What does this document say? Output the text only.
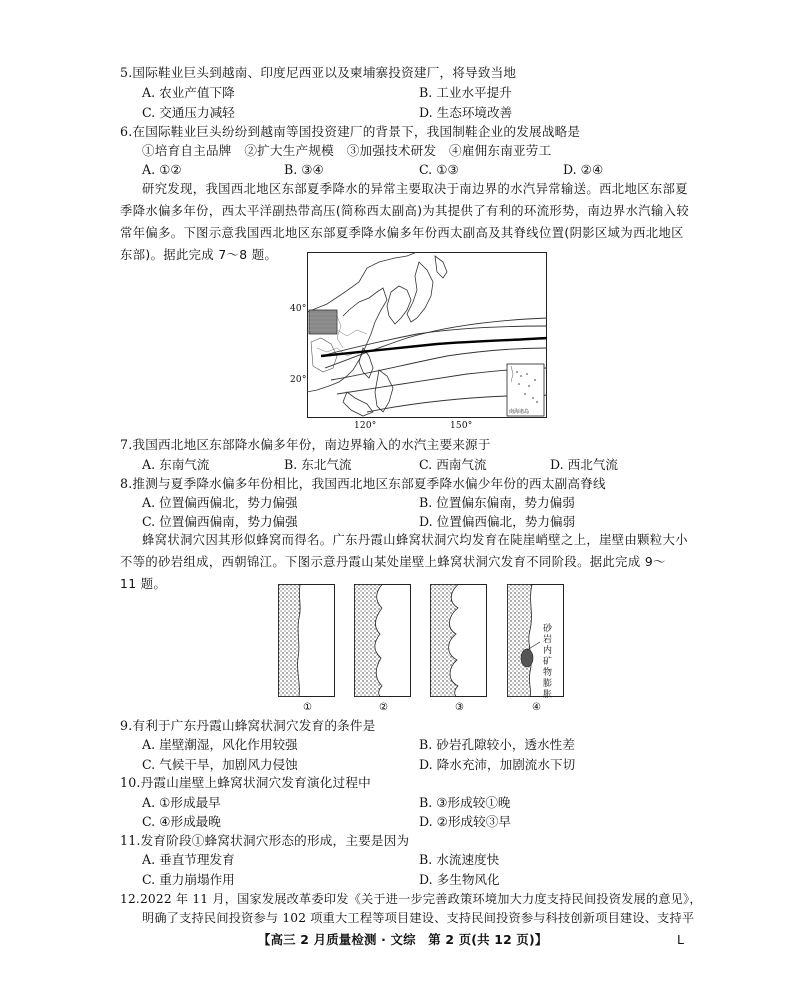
5.国际鞋业巨头到越南、印度尼西亚以及柬埔寨投资建厂，将导致当地
A. 农业产值下降	B. 工业水平提升
C. 交通压力减轻	D. 生态环境改善
6.在国际鞋业巨头纷纷到越南等国投资建厂的背景下，我国制鞋企业的发展战略是
①培育自主品牌　②扩大生产规模　③加强技术研发　④雇佣东南亚劳工
A. ①②	B. ③④	C. ①③	D. ②④
研究发现，我国西北地区东部夏季降水的异常主要取决于南边界的水汽异常输送。西北地区东部夏
季降水偏多年份，西太平洋副热带高压(简称西太副高)为其提供了有利的环流形势，南边界水汽输入较
常年偏多。下图示意我国西北地区东部夏季降水偏多年份西太副高及其脊线位置(阴影区域为西北地区
东部)。据此完成 7～8 题。
南海诸岛
40°
20°
120°	150°
7.我国西北地区东部降水偏多年份，南边界输入的水汽主要来源于
A. 东南气流	B. 东北气流	C. 西南气流	D. 西北气流
8.推测与夏季降水偏多年份相比，我国西北地区东部夏季降水偏少年份的西太副高脊线
A. 位置偏西偏北，势力偏强	B. 位置偏东偏南，势力偏弱
C. 位置偏西偏南，势力偏强	D. 位置偏西偏北，势力偏弱
蜂窝状洞穴因其形似蜂窝而得名。广东丹霞山蜂窝状洞穴均发育在陡崖峭壁之上，崖壁由颗粒大小
不等的砂岩组成，西朝锦江。下图示意丹霞山某处崖壁上蜂窝状洞穴发育不同阶段。据此完成 9～
11 题。
①	②	③	④
砂岩内矿物膨胀
9.有利于广东丹霞山蜂窝状洞穴发育的条件是
A. 崖壁潮湿，风化作用较强	B. 砂岩孔隙较小，透水性差
C. 气候干旱，加剧风力侵蚀	D. 降水充沛，加剧流水下切
10.丹霞山崖壁上蜂窝状洞穴发育演化过程中
A. ①形成最早	B. ③形成较①晚
C. ④形成最晚	D. ②形成较③早
11.发育阶段①蜂窝状洞穴形态的形成，主要是因为
A. 垂直节理发育	B. 水流速度快
C. 重力崩塌作用	D. 多生物风化
12.2022 年 11 月，国家发展改革委印发《关于进一步完善政策环境加大力度支持民间投资发展的意见》，
明确了支持民间投资参与 102 项重大工程等项目建设、支持民间投资参与科技创新项目建设、支持平
【高三 2 月质量检测 · 文综　第 2 页(共 12 页)】	L
